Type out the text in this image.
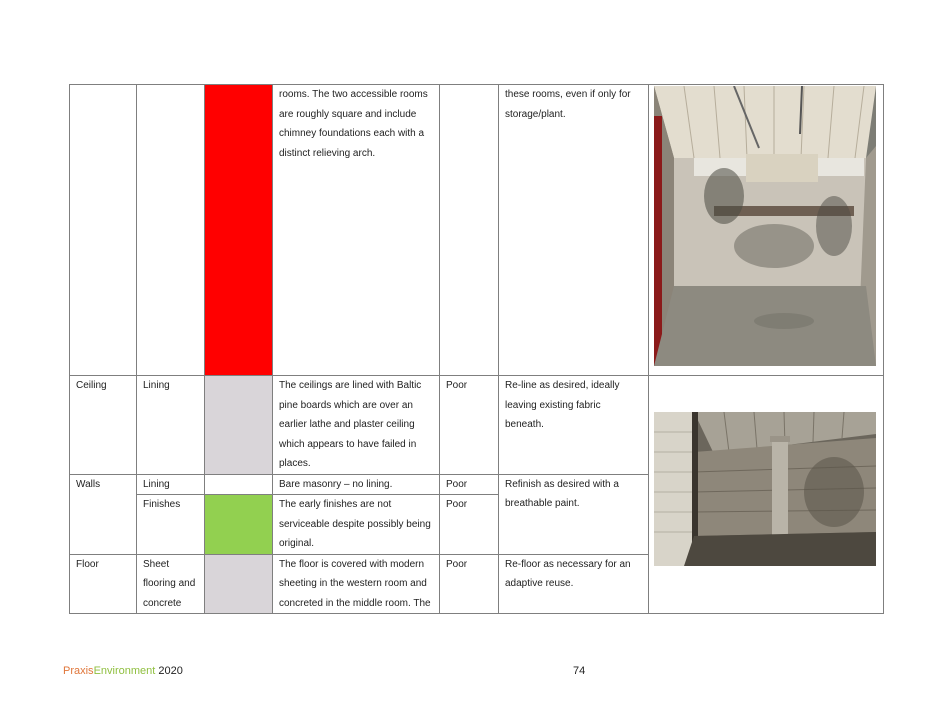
			rooms. The two accessible rooms are roughly square and include chimney foundations each with a distinct relieving arch.		these rooms, even if only for storage/plant.	

Ceiling	Lining		The ceilings are lined with Baltic pine boards which are over an earlier lathe and plaster ceiling which appears to have failed in places.	Poor	Re-line as desired, ideally leaving existing fabric beneath.	

Walls	Lining		Bare masonry – no lining.	Poor	Refinish as desired with a breathable paint.	
	Finishes		The early finishes are not serviceable despite possibly being original.	Poor		
Floor	Sheet flooring and concrete		The floor is covered with modern sheeting in the western room and concreted in the middle room. The	Poor	Re-floor as necessary for an adaptive reuse.	
PraxisEnvironment 2020	74
